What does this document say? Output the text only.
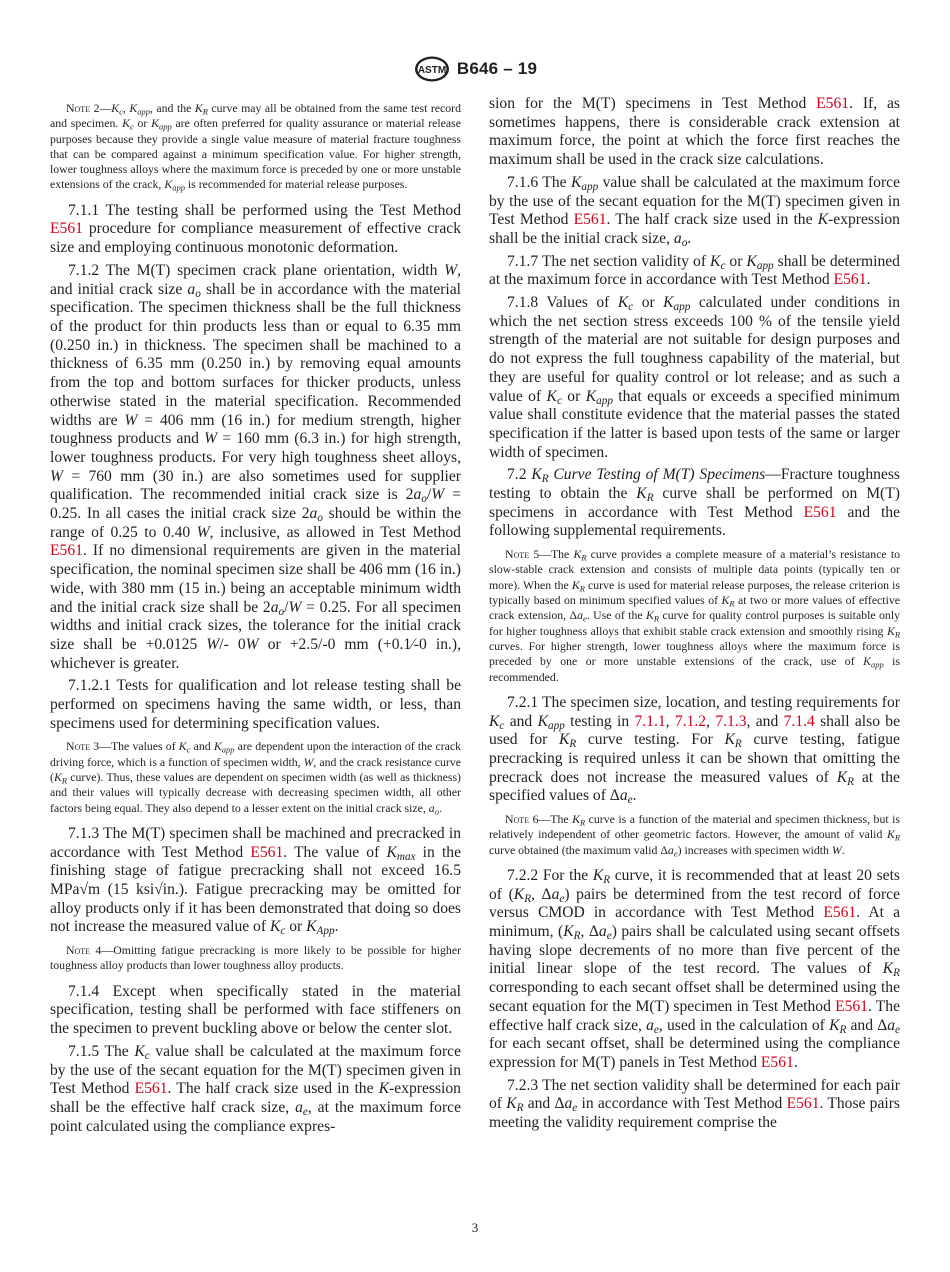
ASTM B646 – 19

Note $2—K_c$, $K_{app}$, and the $K_R$ curve may all be obtained from the same test record and specimen. $K_c$ or $K_{app}$ are often preferred for quality assurance or material release purposes because they provide a single value measure of material fracture toughness that can be compared against a minimum specification value. For higher strength, lower toughness alloys where the maximum force is preceded by one or more unstable extensions of the crack, $K_{app}$ is recommended for material release purposes.

7.1.1 The testing shall be performed using the Test Method E561 procedure for compliance measurement of effective crack size and employing continuous monotonic deformation.

7.1.2 The M(T) specimen crack plane orientation, width W, and initial crack size $a_o$ shall be in accordance with the material specification. The specimen thickness shall be the full thickness of the product for thin products less than or equal to 6.35 mm (0.250 in.) in thickness. The specimen shall be machined to a thickness of 6.35 mm (0.250 in.) by removing equal amounts from the top and bottom surfaces for thicker products, unless otherwise stated in the material specification. Recommended widths are W = 406 mm (16 in.) for medium strength, higher toughness products and W = 160 mm (6.3 in.) for high strength, lower toughness products. For very high toughness sheet alloys, W = 760 mm (30 in.) are also sometimes used for supplier qualification. The recommended initial crack size is $2a_o/W = 0.25$. In all cases the initial crack size $2a_o$ should be within the range of 0.25 to 0.40 W, inclusive, as allowed in Test Method E561. If no dimensional requirements are given in the material specification, the nominal specimen size shall be 406 mm (16 in.) wide, with 380 mm (15 in.) being an acceptable minimum width and the initial crack size shall be $2a_o/W = 0.25$. For all specimen widths and initial crack sizes, the tolerance for the initial crack size shall be +0.0125 W/- 0W or +2.5/-0 mm (+0.1⁄-0 in.), whichever is greater.

7.1.2.1 Tests for qualification and lot release testing shall be performed on specimens having the same width, or less, than specimens used for determining specification values.

Note 3—The values of $K_c$ and $K_{app}$ are dependent upon the interaction of the crack driving force, which is a function of specimen width, W, and the crack resistance curve ($K_R$ curve). Thus, these values are dependent on specimen width (as well as thickness) and their values will typically decrease with decreasing specimen width, all other factors being equal. They also depend to a lesser extent on the initial crack size, $a_o$.

7.1.3 The M(T) specimen shall be machined and precracked in accordance with Test Method E561. The value of $K_{max}$ in the finishing stage of fatigue precracking shall not exceed 16.5 MPa√m (15 ksi√in.). Fatigue precracking may be omitted for alloy products only if it has been demonstrated that doing so does not increase the measured value of $K_c$ or $K_{App}$.

Note 4—Omitting fatigue precracking is more likely to be possible for higher toughness alloy products than lower toughness alloy products.

7.1.4 Except when specifically stated in the material specification, testing shall be performed with face stiffeners on the specimen to prevent buckling above or below the center slot.

7.1.5 The $K_c$ value shall be calculated at the maximum force by the use of the secant equation for the M(T) specimen given in Test Method E561. The half crack size used in the K-expression shall be the effective half crack size, $a_e$, at the maximum force point calculated using the compliance expres-

sion for the M(T) specimens in Test Method E561. If, as sometimes happens, there is considerable crack extension at maximum force, the point at which the force first reaches the maximum shall be used in the crack size calculations.

7.1.6 The $K_{app}$ value shall be calculated at the maximum force by the use of the secant equation for the M(T) specimen given in Test Method E561. The half crack size used in the K-expression shall be the initial crack size, $a_o$.

7.1.7 The net section validity of $K_c$ or $K_{app}$ shall be determined at the maximum force in accordance with Test Method E561.

7.1.8 Values of $K_c$ or $K_{app}$ calculated under conditions in which the net section stress exceeds 100 % of the tensile yield strength of the material are not suitable for design purposes and do not express the full toughness capability of the material, but they are useful for quality control or lot release; and as such a value of $K_c$ or $K_{app}$ that equals or exceeds a specified minimum value shall constitute evidence that the material passes the stated specification if the latter is based upon tests of the same or larger width of specimen.

7.2 $K_R$ Curve Testing of M(T) Specimens—Fracture toughness testing to obtain the $K_R$ curve shall be performed on M(T) specimens in accordance with Test Method E561 and the following supplemental requirements.

Note 5—The $K_R$ curve provides a complete measure of a material’s resistance to slow-stable crack extension and consists of multiple data points (typically ten or more). When the $K_R$ curve is used for material release purposes, the release criterion is typically based on minimum specified values of $K_R$ at two or more values of effective crack extension, $\Delta a_e$. Use of the $K_R$ curve for quality control purposes is suitable only for higher toughness alloys that exhibit stable crack extension and smoothly rising $K_R$ curves. For higher strength, lower toughness alloys where the maximum force is preceded by one or more unstable extensions of the crack, use of $K_{app}$ is recommended.

7.2.1 The specimen size, location, and testing requirements for $K_c$ and $K_{app}$ testing in 7.1.1, 7.1.2, 7.1.3, and 7.1.4 shall also be used for $K_R$ curve testing. For $K_R$ curve testing, fatigue precracking is required unless it can be shown that omitting the precrack does not increase the measured values of $K_R$ at the specified values of $\Delta a_e$.

Note 6—The $K_R$ curve is a function of the material and specimen thickness, but is relatively independent of other geometric factors. However, the amount of valid $K_R$ curve obtained (the maximum valid $\Delta a_e$) increases with specimen width W.

7.2.2 For the $K_R$ curve, it is recommended that at least 20 sets of ($K_R$, $\Delta a_e$) pairs be determined from the test record of force versus CMOD in accordance with Test Method E561. At a minimum, ($K_R$, $\Delta a_e$) pairs shall be calculated using secant offsets having slope decrements of no more than five percent of the initial linear slope of the test record. The values of $K_R$ corresponding to each secant offset shall be determined using the secant equation for the M(T) specimen in Test Method E561. The effective half crack size, $a_e$, used in the calculation of $K_R$ and $\Delta a_e$ for each secant offset, shall be determined using the compliance expression for M(T) panels in Test Method E561.

7.2.3 The net section validity shall be determined for each pair of $K_R$ and $\Delta a_e$ in accordance with Test Method E561. Those pairs meeting the validity requirement comprise the

3
